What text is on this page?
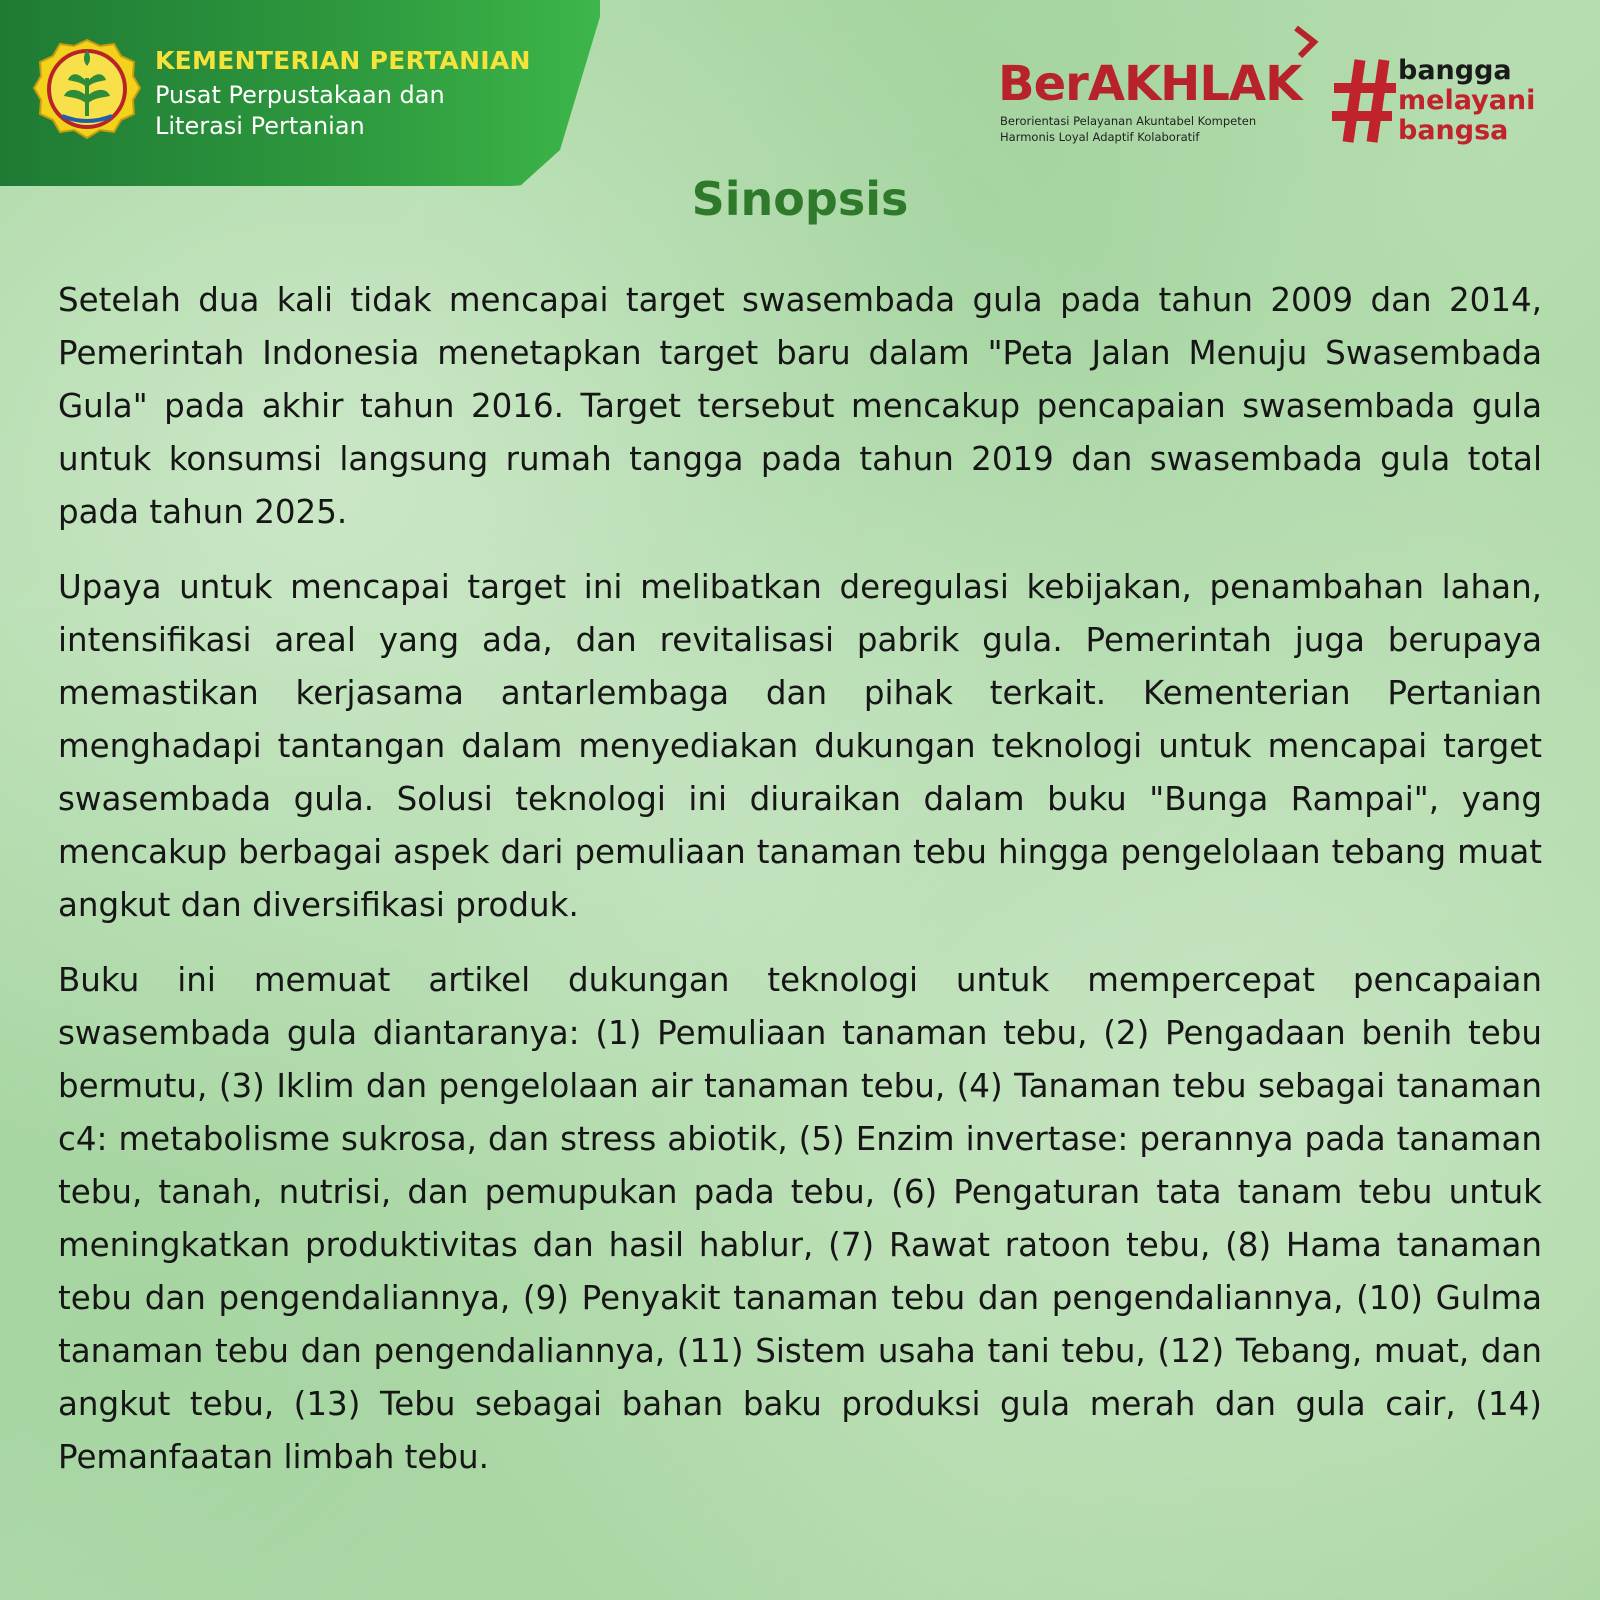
KEMENTERIAN PERTANIAN
Pusat Perpustakaan dan
Literasi Pertanian
BerAKHLAK
Berorientasi Pelayanan Akuntabel Kompeten
Harmonis Loyal Adaptif Kolaboratif
bangga
melayani
bangsa
Sinopsis

Setelah dua kali tidak mencapai target swasembada gula pada tahun 2009 dan 2014, Pemerintah Indonesia menetapkan target baru dalam "Peta Jalan Menuju Swasembada Gula" pada akhir tahun 2016. Target tersebut mencakup pencapaian swasembada gula untuk konsumsi langsung rumah tangga pada tahun 2019 dan swasembada gula total pada tahun 2025.

Upaya untuk mencapai target ini melibatkan deregulasi kebijakan, penambahan lahan, intensifikasi areal yang ada, dan revitalisasi pabrik gula. Pemerintah juga berupaya memastikan kerjasama antarlembaga dan pihak terkait. Kementerian Pertanian menghadapi tantangan dalam menyediakan dukungan teknologi untuk mencapai target swasembada gula. Solusi teknologi ini diuraikan dalam buku "Bunga Rampai", yang mencakup berbagai aspek dari pemuliaan tanaman tebu hingga pengelolaan tebang muat angkut dan diversifikasi produk.

Buku ini memuat artikel dukungan teknologi untuk mempercepat pencapaian swasembada gula diantaranya: (1) Pemuliaan tanaman tebu, (2) Pengadaan benih tebu bermutu, (3) Iklim dan pengelolaan air tanaman tebu, (4) Tanaman tebu sebagai tanaman c4: metabolisme sukrosa, dan stress abiotik, (5) Enzim invertase: perannya pada tanaman tebu, tanah, nutrisi, dan pemupukan pada tebu, (6) Pengaturan tata tanam tebu untuk meningkatkan produktivitas dan hasil hablur, (7) Rawat ratoon tebu, (8) Hama tanaman tebu dan pengendaliannya, (9) Penyakit tanaman tebu dan pengendaliannya, (10) Gulma tanaman tebu dan pengendaliannya, (11) Sistem usaha tani tebu, (12) Tebang, muat, dan angkut tebu, (13) Tebu sebagai bahan baku produksi gula merah dan gula cair, (14) Pemanfaatan limbah tebu.
